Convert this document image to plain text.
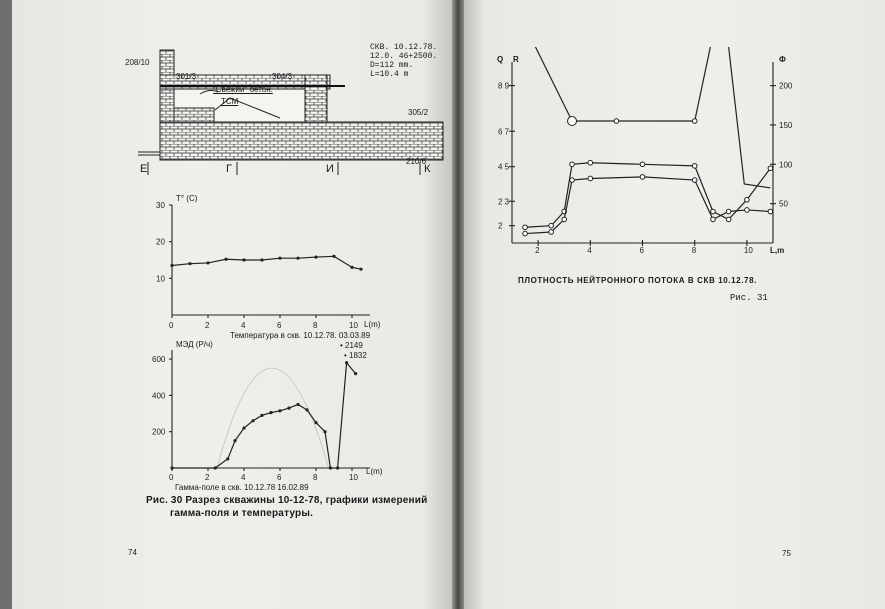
208/10
301/3	304/3
"Свежий" бетон.
ТСМ
305/2
210/6
Е	Г	И	К
СКВ. 10.12.78.
12.0. 46+2500.
D=112 mm.
L=10.4 m
30
20
10
0	2	4	6	8	10
T° (C)
L(m)
Температура в скв. 10.12.78. 03.03.89
600
400
200
0	2	4	6	8	10
МЭД (Р/ч)
L(m)
• 2149
• 1832
Гамма-поле в скв. 10.12.78 16.02.89
Рис. 30 Разрез скважины 10-12-78, графики измерений
гамма-поля и температуры.
74
8 9
6 7
4 5
2 3
2
200
150
100
50
2	4	6	8	10
Q R	Ф
L,m
ПЛОТНОСТЬ НЕЙТРОННОГО ПОТОКА В СКВ 10.12.78.
Рис. 31
75
